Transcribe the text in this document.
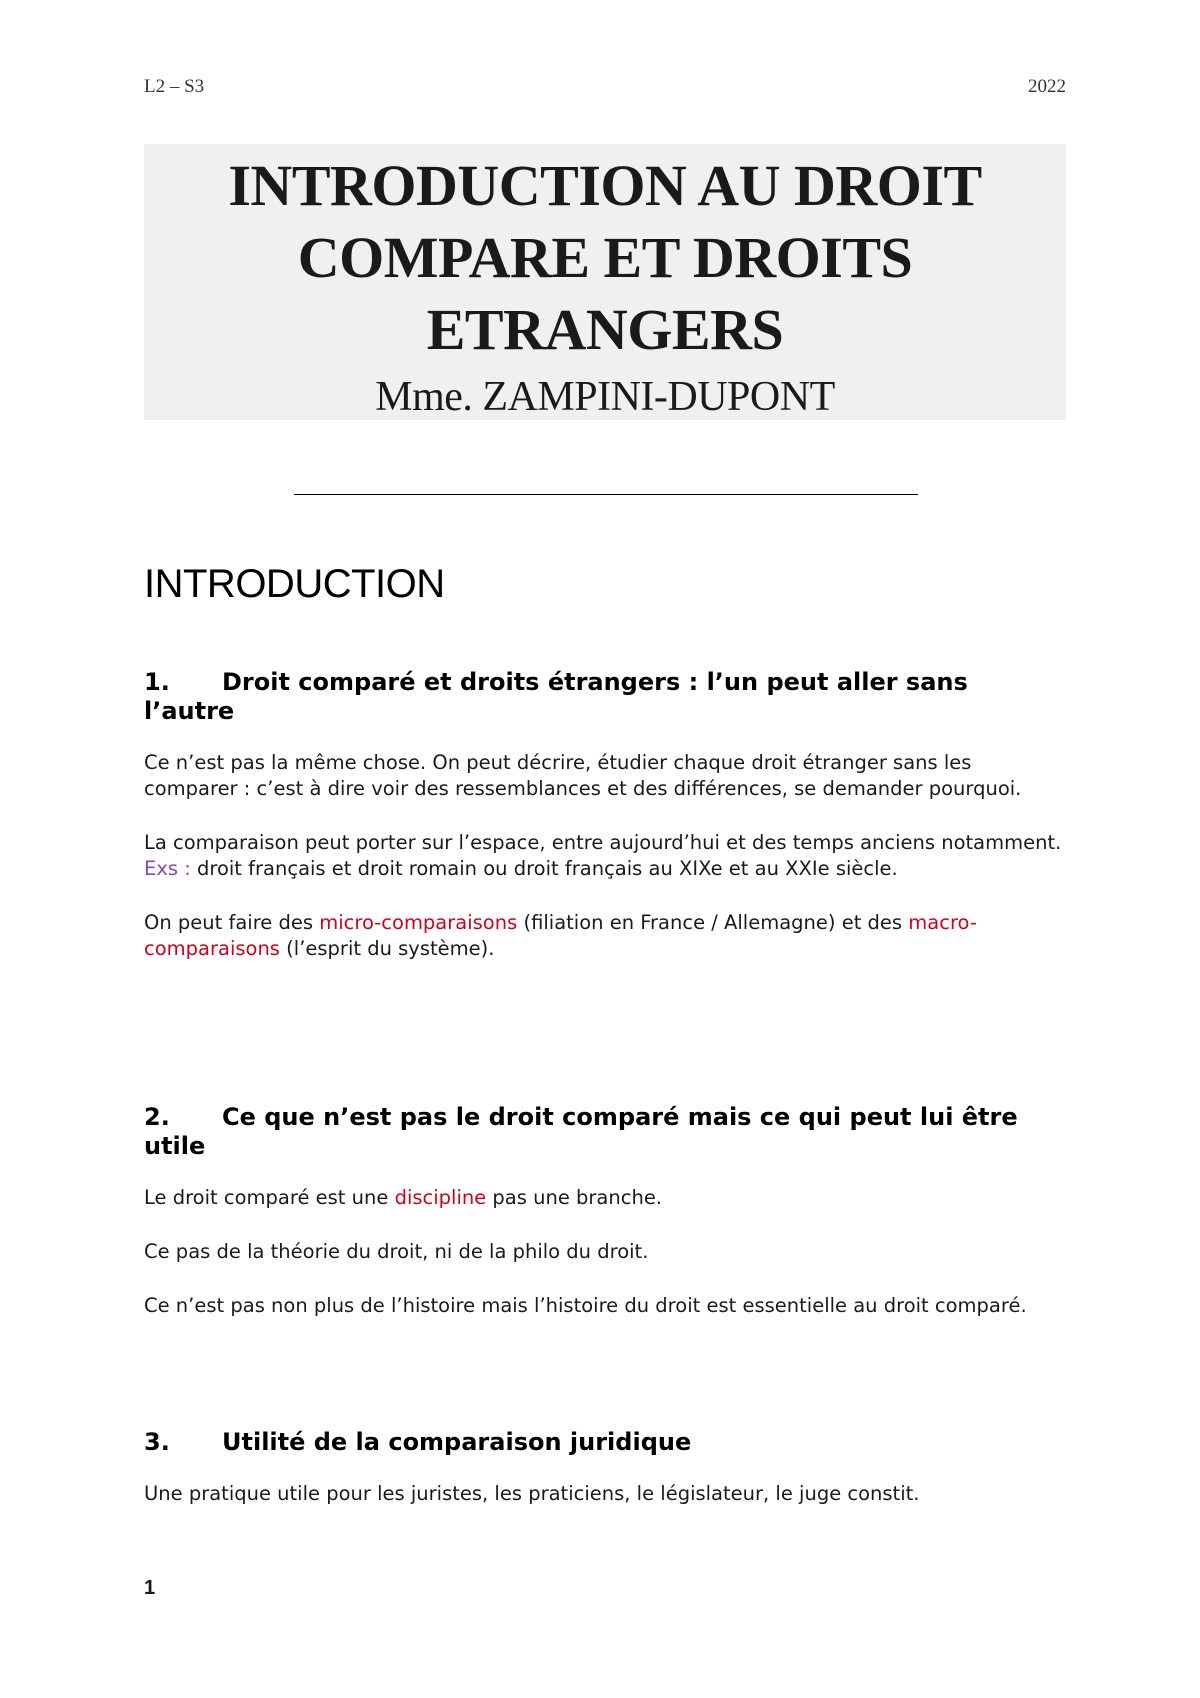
L2 – S3	2022
INTRODUCTION AU DROIT
COMPARE ET DROITS
ETRANGERS
Mme. ZAMPINI-DUPONT
INTRODUCTION
1. Droit comparé et droits étrangers : l’un peut aller sans
l’autre

Ce n’est pas la même chose. On peut décrire, étudier chaque droit étranger sans les comparer : c’est à dire voir des ressemblances et des différences, se demander pourquoi.

La comparaison peut porter sur l’espace, entre aujourd’hui et des temps anciens notamment. Exs : droit français et droit romain ou droit français au XIXe et au XXIe siècle.

On peut faire des micro-comparaisons (filiation en France / Allemagne) et des macro-comparaisons (l’esprit du système).

2. Ce que n’est pas le droit comparé mais ce qui peut lui être
utile

Le droit comparé est une discipline pas une branche.

Ce pas de la théorie du droit, ni de la philo du droit.

Ce n’est pas non plus de l’histoire mais l’histoire du droit est essentielle au droit comparé.

3. Utilité de la comparaison juridique

Une pratique utile pour les juristes, les praticiens, le législateur, le juge constit.

1
